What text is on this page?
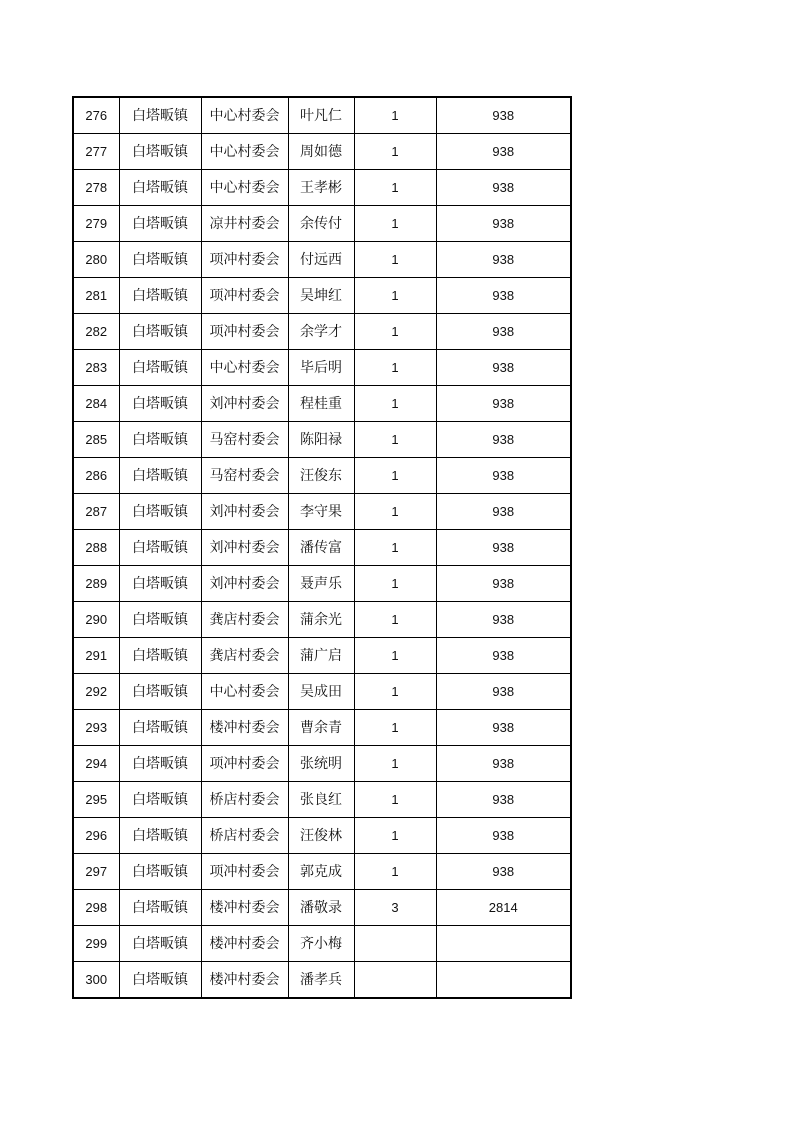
276	白塔畈镇	中心村委会	叶凡仁	1	938
277	白塔畈镇	中心村委会	周如德	1	938
278	白塔畈镇	中心村委会	王孝彬	1	938
279	白塔畈镇	凉井村委会	余传付	1	938
280	白塔畈镇	项冲村委会	付远西	1	938
281	白塔畈镇	项冲村委会	吴坤红	1	938
282	白塔畈镇	项冲村委会	余学才	1	938
283	白塔畈镇	中心村委会	毕后明	1	938
284	白塔畈镇	刘冲村委会	程桂重	1	938
285	白塔畈镇	马窑村委会	陈阳禄	1	938
286	白塔畈镇	马窑村委会	汪俊东	1	938
287	白塔畈镇	刘冲村委会	李守果	1	938
288	白塔畈镇	刘冲村委会	潘传富	1	938
289	白塔畈镇	刘冲村委会	聂声乐	1	938
290	白塔畈镇	龚店村委会	蒲余光	1	938
291	白塔畈镇	龚店村委会	蒲广启	1	938
292	白塔畈镇	中心村委会	吴成田	1	938
293	白塔畈镇	楼冲村委会	曹余青	1	938
294	白塔畈镇	项冲村委会	张统明	1	938
295	白塔畈镇	桥店村委会	张良红	1	938
296	白塔畈镇	桥店村委会	汪俊林	1	938
297	白塔畈镇	项冲村委会	郭克成	1	938
298	白塔畈镇	楼冲村委会	潘敬录	3	2814
299	白塔畈镇	楼冲村委会	齐小梅		
300	白塔畈镇	楼冲村委会	潘孝兵		
